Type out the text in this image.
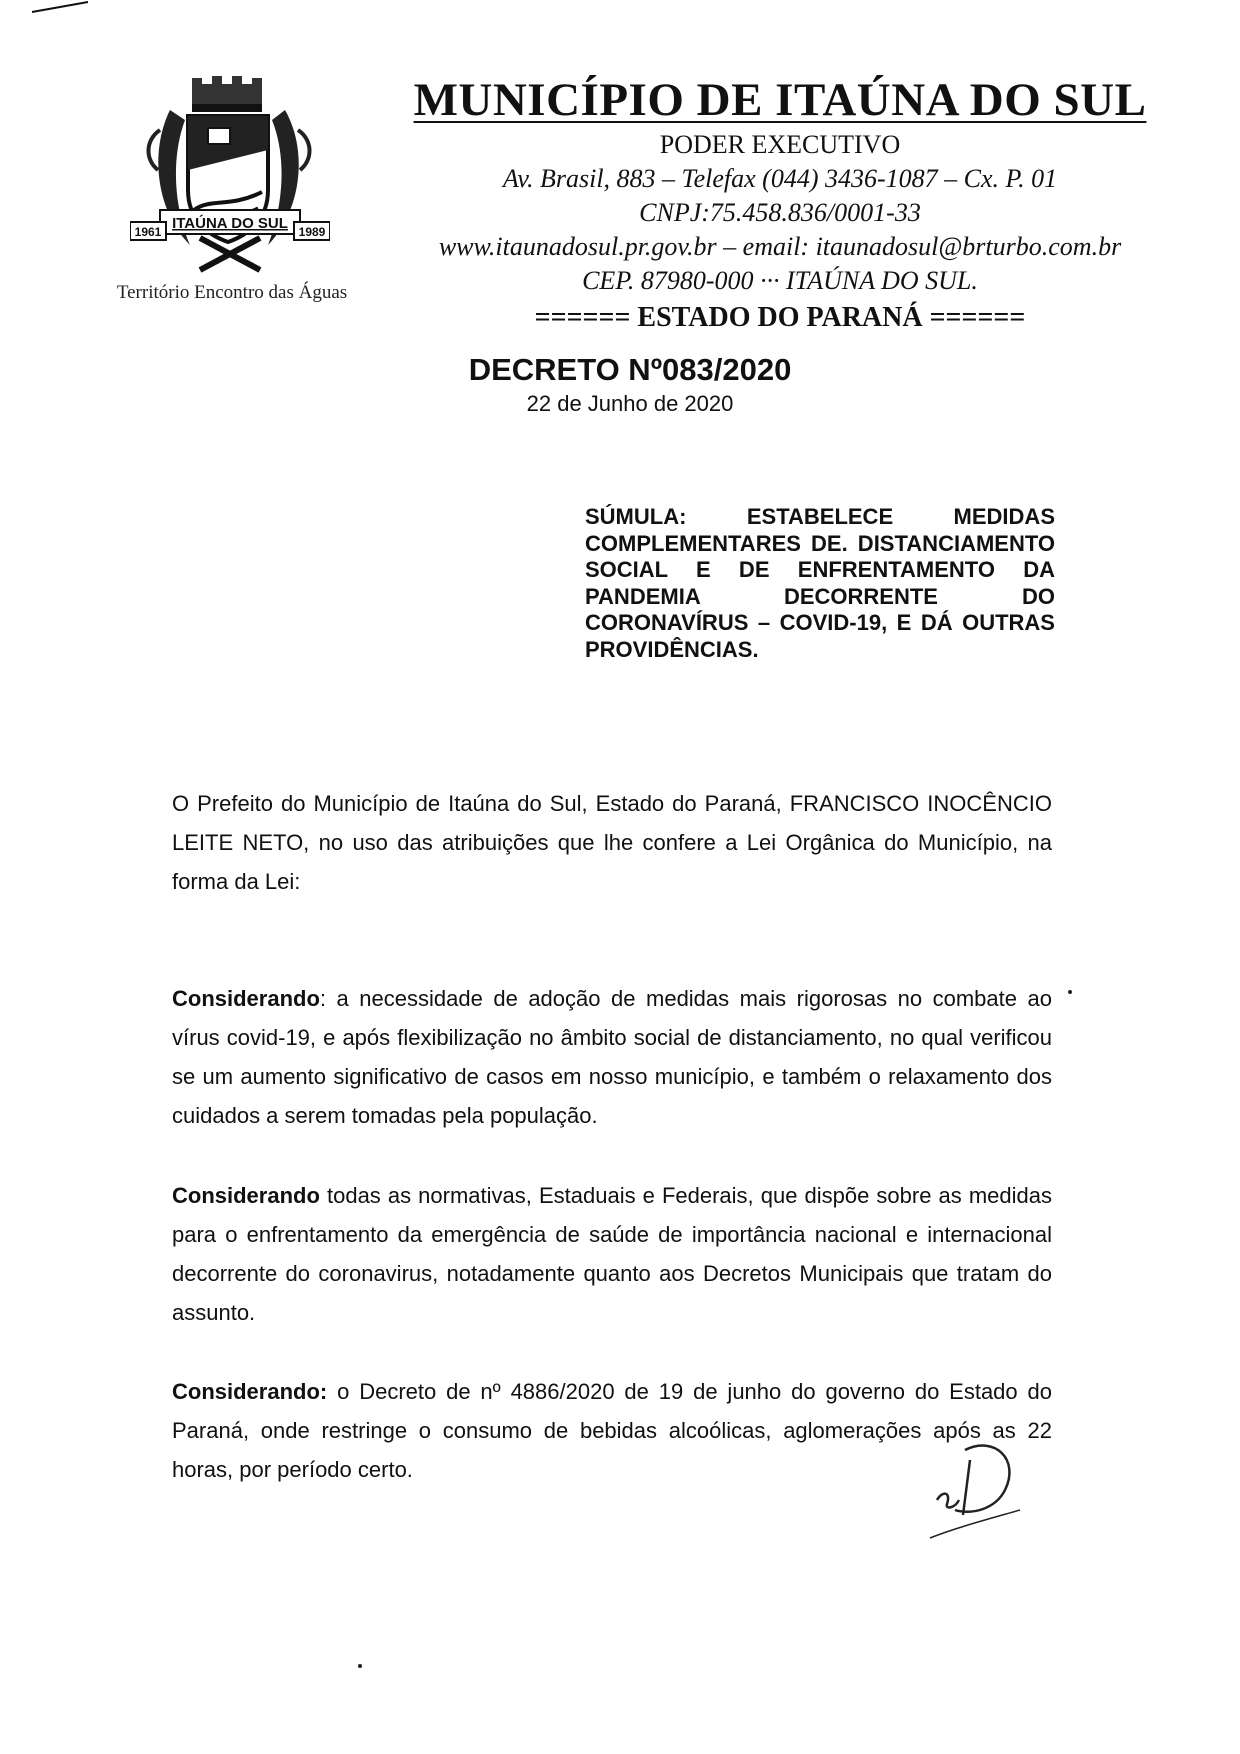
ITAÚNA DO SUL
1961	1989
Território Encontro das Águas
MUNICÍPIO DE ITAÚNA DO SUL
PODER EXECUTIVO
Av. Brasil, 883 – Telefax (044) 3436-1087 – Cx. P. 01
CNPJ:75.458.836/0001-33
www.itaunadosul.pr.gov.br – email: itaunadosul@brturbo.com.br
CEP. 87980-000 ··· ITAÚNA DO SUL.
====== ESTADO DO PARANÁ ======
DECRETO Nº083/2020
22 de Junho de 2020
SÚMULA: ESTABELECE MEDIDAS COMPLEMENTARES DE. DISTANCIAMENTO SOCIAL E DE ENFRENTAMENTO DA PANDEMIA DECORRENTE DO CORONAVÍRUS – COVID-19, E DÁ OUTRAS PROVIDÊNCIAS.
O Prefeito do Município de Itaúna do Sul, Estado do Paraná, FRANCISCO INOCÊNCIO LEITE NETO, no uso das atribuições que lhe confere a Lei Orgânica do Município, na forma da Lei:
Considerando: a necessidade de adoção de medidas mais rigorosas no combate ao vírus covid-19, e após flexibilização no âmbito social de distanciamento, no qual verificou se um aumento significativo de casos em nosso município, e também o relaxamento dos cuidados a serem tomadas pela população.
Considerando todas as normativas, Estaduais e Federais, que dispõe sobre as medidas para o enfrentamento da emergência de saúde de importância nacional e internacional decorrente do coronavirus, notadamente quanto aos Decretos Municipais que tratam do assunto.
Considerando: o Decreto de nº 4886/2020 de 19 de junho do governo do Estado do Paraná, onde restringe o consumo de bebidas alcoólicas, aglomerações após as 22 horas, por período certo.
